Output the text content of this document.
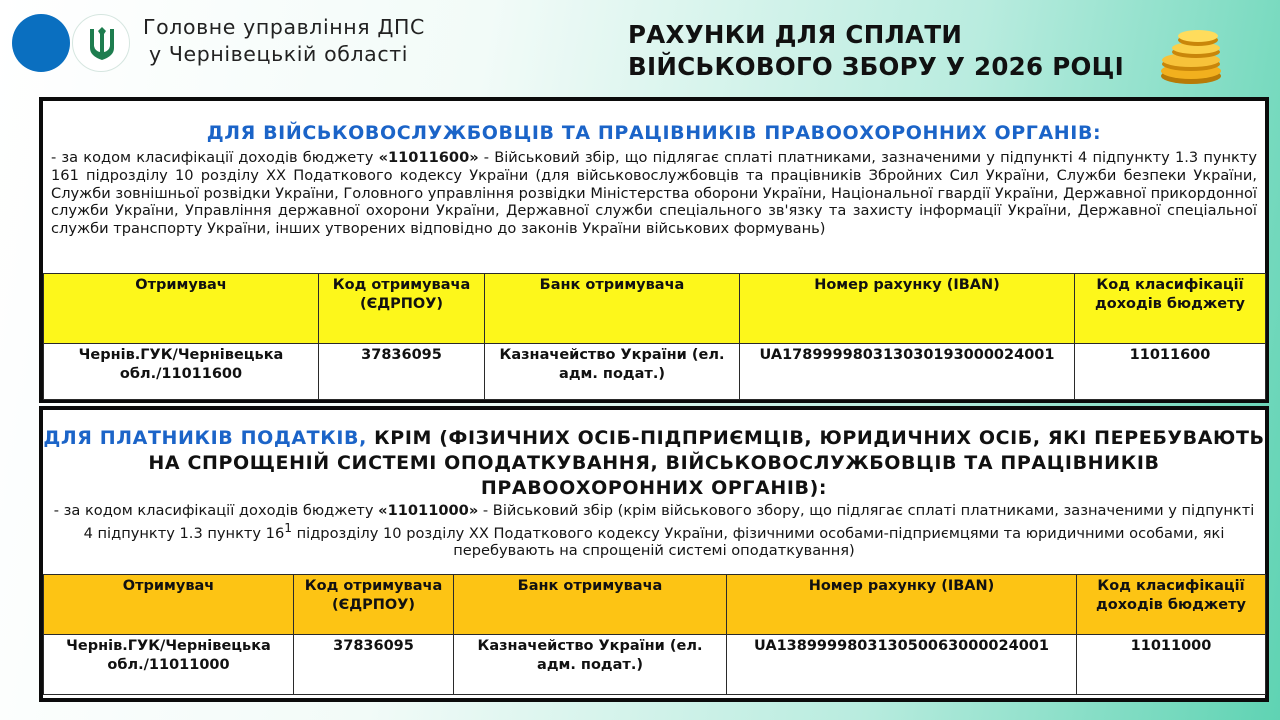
Головне управління ДПС
у Чернівецькій області
РАХУНКИ ДЛЯ СПЛАТИ
ВІЙСЬКОВОГО ЗБОРУ У 2026 РОЦІ
ДЛЯ ВІЙСЬКОВОСЛУЖБОВЦІВ ТА ПРАЦІВНИКІВ ПРАВООХОРОННИХ ОРГАНІВ:
- за кодом класифікації доходів бюджету «11011600» - Військовий збір, що підлягає сплаті платниками, зазначеними у підпункті 4 підпункту 1.3 пункту 161 підрозділу 10 розділу XX Податкового кодексу України (для військовослужбовців та працівників Збройних Сил України, Служби безпеки України, Служби зовнішньої розвідки України, Головного управління розвідки Міністерства оборони України, Національної гвардії України, Державної прикордонної служби України, Управління державної охорони України, Державної служби спеціального зв'язку та захисту інформації України, Державної спеціальної служби транспорту України, інших утворених відповідно до законів України військових формувань)
Отримувач	Код отримувача (ЄДРПОУ)	Банк отримувача	Номер рахунку (IBAN)	Код класифікації доходів бюджету
Чернів.ГУК/Чернівецька обл./11011600	37836095	Казначейство України (ел. адм. подат.)	UA178999980313030193000024001	11011600
ДЛЯ ПЛАТНИКІВ ПОДАТКІВ, КРІМ (ФІЗИЧНИХ ОСІБ-ПІДПРИЄМЦІВ, ЮРИДИЧНИХ ОСІБ, ЯКІ ПЕРЕБУВАЮТЬ НА СПРОЩЕНІЙ СИСТЕМІ ОПОДАТКУВАННЯ, ВІЙСЬКОВОСЛУЖБОВЦІВ ТА ПРАЦІВНИКІВ ПРАВООХОРОННИХ ОРГАНІВ):
- за кодом класифікації доходів бюджету «11011000» - Військовий збір (крім військового збору, що підлягає сплаті платниками, зазначеними у підпункті 4 підпункту 1.3 пункту $16^1$ підрозділу 10 розділу XX Податкового кодексу України, фізичними особами-підприємцями та юридичними особами, які перебувають на спрощеній системі оподаткування)
Отримувач	Код отримувача (ЄДРПОУ)	Банк отримувача	Номер рахунку (IBAN)	Код класифікації доходів бюджету
Чернів.ГУК/Чернівецька обл./11011000	37836095	Казначейство України (ел. адм. подат.)	UA138999980313050063000024001	11011000
